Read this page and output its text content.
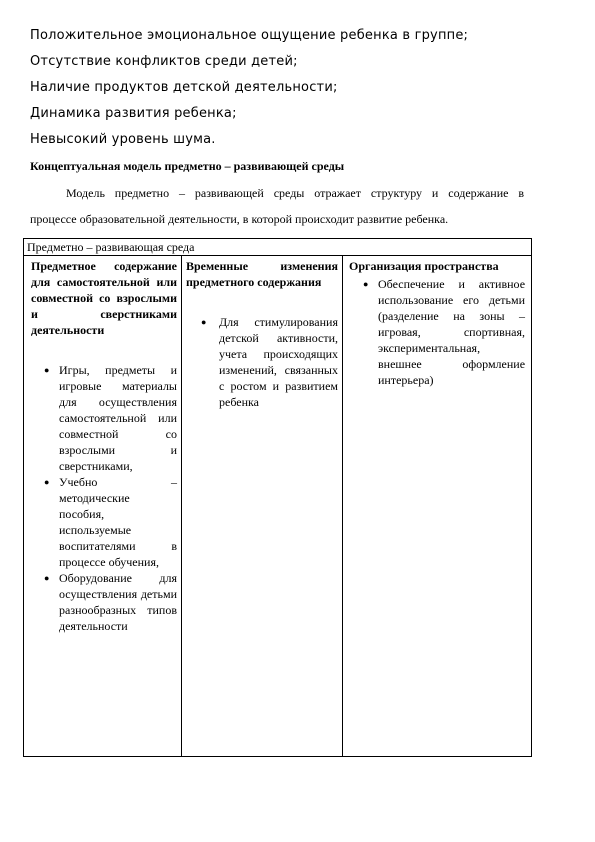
Положительное эмоциональное ощущение ребенка в группе;
Отсутствие конфликтов среди детей;
Наличие продуктов детской деятельности;
Динамика развития ребенка;
Невысокий уровень шума.
Концептуальная модель предметно – развивающей среды
Модель предметно – развивающей среды отражает структуру и содержание в
процессе образовательной деятельности, в которой происходит развитие ребенка.
Предметно – развивающая среда

Предметное содержание для самостоятельной или совместной со взрослыми и сверстниками деятельности
● Игры, предметы и игровые материалы для осуществления самостоятельной или совместной со взрослыми и сверстниками,
● Учебно – методические пособия, используемые воспитателями в процессе обучения,
● Оборудование для осуществления детьми разнообразных типов деятельности

Временные изменения предметного содержания
● Для стимулирования детской активности, учета происходящих изменений, связанных с ростом и развитием ребенка

Организация пространства
● Обеспечение и активное использование его детьми (разделение на зоны – игровая, спортивная, экспериментальная, внешнее оформление интерьера)
